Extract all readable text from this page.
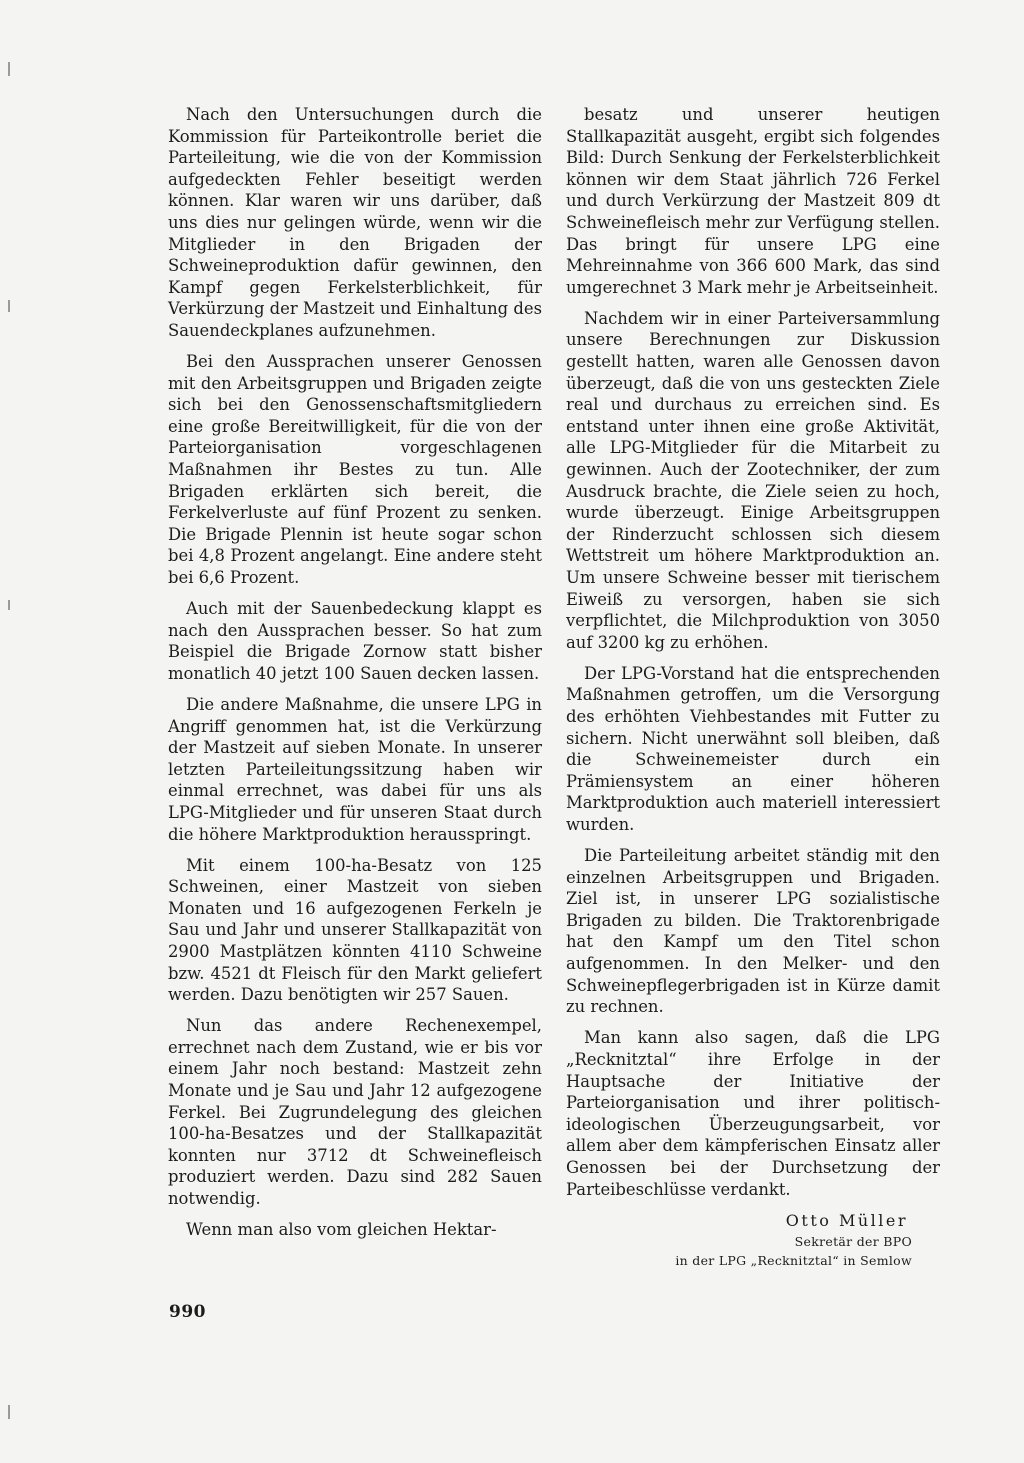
Nach den Untersuchungen durch die Kommission für Parteikontrolle beriet die Parteileitung, wie die von der Kommission aufgedeckten Fehler beseitigt werden können. Klar waren wir uns darüber, daß uns dies nur gelingen würde, wenn wir die Mitglieder in den Brigaden der Schweineproduktion dafür gewinnen, den Kampf gegen Ferkelsterblichkeit, für Verkürzung der Mastzeit und Einhaltung des Sauendeckplanes aufzunehmen.

Bei den Aussprachen unserer Genossen mit den Arbeitsgruppen und Brigaden zeigte sich bei den Genossenschaftsmitgliedern eine große Bereitwilligkeit, für die von der Parteiorganisation vorgeschlagenen Maßnahmen ihr Bestes zu tun. Alle Brigaden erklärten sich bereit, die Ferkelverluste auf fünf Prozent zu senken. Die Brigade Plennin ist heute sogar schon bei 4,8 Prozent angelangt. Eine andere steht bei 6,6 Prozent.

Auch mit der Sauenbedeckung klappt es nach den Aussprachen besser. So hat zum Beispiel die Brigade Zornow statt bisher monatlich 40 jetzt 100 Sauen decken lassen.

Die andere Maßnahme, die unsere LPG in Angriff genommen hat, ist die Verkürzung der Mastzeit auf sieben Monate. In unserer letzten Parteileitungssitzung haben wir einmal errechnet, was dabei für uns als LPG-Mitglieder und für unseren Staat durch die höhere Marktproduktion herausspringt.

Mit einem 100-ha-Besatz von 125 Schweinen, einer Mastzeit von sieben Monaten und 16 aufgezogenen Ferkeln je Sau und Jahr und unserer Stallkapazität von 2900 Mastplätzen könnten 4110 Schweine bzw. 4521 dt Fleisch für den Markt geliefert werden. Dazu benötigten wir 257 Sauen.

Nun das andere Rechenexempel, errechnet nach dem Zustand, wie er bis vor einem Jahr noch bestand: Mastzeit zehn Monate und je Sau und Jahr 12 aufgezogene Ferkel. Bei Zugrundelegung des gleichen 100-ha-Besatzes und der Stallkapazität konnten nur 3712 dt Schweinefleisch produziert werden. Dazu sind 282 Sauen notwendig.

Wenn man also vom gleichen Hektar-

besatz und unserer heutigen Stallkapazität ausgeht, ergibt sich folgendes Bild: Durch Senkung der Ferkelsterblichkeit können wir dem Staat jährlich 726 Ferkel und durch Verkürzung der Mastzeit 809 dt Schweinefleisch mehr zur Verfügung stellen. Das bringt für unsere LPG eine Mehreinnahme von 366 600 Mark, das sind umgerechnet 3 Mark mehr je Arbeitseinheit.

Nachdem wir in einer Parteiversammlung unsere Berechnungen zur Diskussion gestellt hatten, waren alle Genossen davon überzeugt, daß die von uns gesteckten Ziele real und durchaus zu erreichen sind. Es entstand unter ihnen eine große Aktivität, alle LPG-Mitglieder für die Mitarbeit zu gewinnen. Auch der Zootechniker, der zum Ausdruck brachte, die Ziele seien zu hoch, wurde überzeugt. Einige Arbeitsgruppen der Rinderzucht schlossen sich diesem Wettstreit um höhere Marktproduktion an. Um unsere Schweine besser mit tierischem Eiweiß zu versorgen, haben sie sich verpflichtet, die Milchproduktion von 3050 auf 3200 kg zu erhöhen.

Der LPG-Vorstand hat die entsprechenden Maßnahmen getroffen, um die Versorgung des erhöhten Viehbestandes mit Futter zu sichern. Nicht unerwähnt soll bleiben, daß die Schweinemeister durch ein Prämiensystem an einer höheren Marktproduktion auch materiell interessiert wurden.

Die Parteileitung arbeitet ständig mit den einzelnen Arbeitsgruppen und Brigaden. Ziel ist, in unserer LPG sozialistische Brigaden zu bilden. Die Traktorenbrigade hat den Kampf um den Titel schon aufgenommen. In den Melker- und den Schweinepflegerbrigaden ist in Kürze damit zu rechnen.

Man kann also sagen, daß die LPG „Recknitztal“ ihre Erfolge in der Hauptsache der Initiative der Parteiorganisation und ihrer politisch-ideologischen Überzeugungsarbeit, vor allem aber dem kämpferischen Einsatz aller Genossen bei der Durchsetzung der Parteibeschlüsse verdankt.

Otto Müller
Sekretär der BPO
in der LPG „Recknitztal“ in Semlow
990
